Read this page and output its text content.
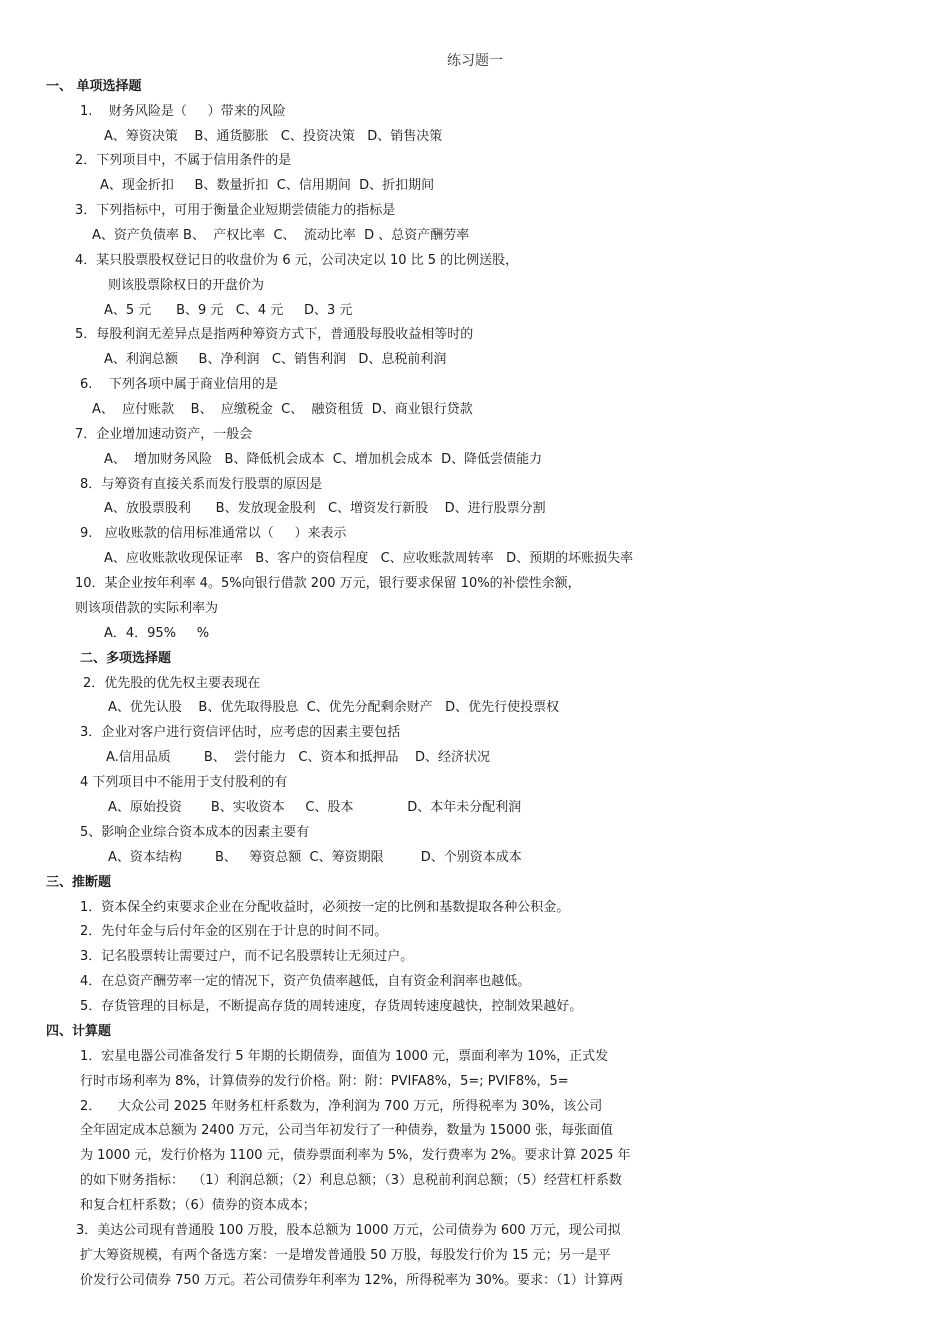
练习题一
一、 单项选择题
1.    财务风险是（     ）带来的风险
A、筹资决策    B、通货膨胀   C、投资决策   D、销售决策
2．下列项目中，不属于信用条件的是
A、现金折扣     B、数量折扣  C、信用期间  D、折扣期间
3．下列指标中，可用于衡量企业短期尝债能力的指标是
A、资产负债率 B、  产权比率  C、  流动比率  D 、总资产酬劳率
4．某只股票股权登记日的收盘价为 6 元，公司决定以 10 比 5 的比例送股，
则该股票除权日的开盘价为
A、5 元      B、9 元   C、4 元     D、3 元
5．每股利润无差异点是指两种筹资方式下，普通股每股收益相等时的
A、利润总额     B、净利润   C、销售利润   D、息税前利润
6.    下列各项中属于商业信用的是
A、  应付账款    B、  应缴税金  C、  融资租赁  D、商业银行贷款
7．企业增加速动资产，一般会
A、  增加财务风险   B、降低机会成本  C、增加机会成本  D、降低尝债能力
8．与筹资有直接关系而发行股票的原因是
A、放股票股利      B、发放现金股利   C、增资发行新股    D、进行股票分割
9.   应收账款的信用标准通常以（     ）来表示
A、应收账款收现保证率   B、客户的资信程度   C、应收账款周转率   D、预期的坏账损失率
10．某企业按年利率 4。5%向银行借款 200 万元，银行要求保留 10%的补偿性余额，
则该项借款的实际利率为
A．4．95%     %
二、多项选择题
2．优先股的优先权主要表现在
A、优先认股    B、优先取得股息  C、优先分配剩余财产   D、优先行使投票权
3．企业对客户进行资信评估时，应考虑的因素主要包括
A.信用品质        B、  尝付能力   C、资本和抵押品    D、经济状况
4 下列项目中不能用于支付股利的有
A、原始投资       B、实收资本     C、股本             D、本年未分配利润
5、影响企业综合资本成本的因素主要有
A、资本结构        B、   筹资总额  C、筹资期限         D、个别资本成本
三、推断题
1．资本保全约束要求企业在分配收益时，必须按一定的比例和基数提取各种公积金。
2．先付年金与后付年金的区别在于计息的时间不同。
3．记名股票转让需要过户，而不记名股票转让无须过户。
4．在总资产酬劳率一定的情况下，资产负债率越低，自有资金利润率也越低。
5．存货管理的目标是，不断提高存货的周转速度，存货周转速度越快，控制效果越好。
四、计算题
1．宏星电器公司准备发行 5 年期的长期债券，面值为 1000 元，票面利率为 10%，正式发
行时市场利率为 8%，计算债券的发行价格。附：附：PVIFA8%，5=; PVIF8%，5=
2．    大众公司 2025 年财务杠杆系数为，净利润为 700 万元，所得税率为 30%，该公司
全年固定成本总额为 2400 万元，公司当年初发行了一种债券，数量为 15000 张，每张面值
为 1000 元，发行价格为 1100 元，债券票面利率为 5%，发行费率为 2%。要求计算 2025 年
的如下财务指标：  （1）利润总额；（2）利息总额；（3）息税前利润总额；（5）经营杠杆系数
和复合杠杆系数；（6）债券的资本成本；
3．美达公司现有普通股 100 万股，股本总额为 1000 万元，公司债券为 600 万元，现公司拟
扩大筹资规模，有两个备选方案：一是增发普通股 50 万股，每股发行价为 15 元；另一是平
价发行公司债券 750 万元。若公司债券年利率为 12%，所得税率为 30%。要求：（1）计算两
